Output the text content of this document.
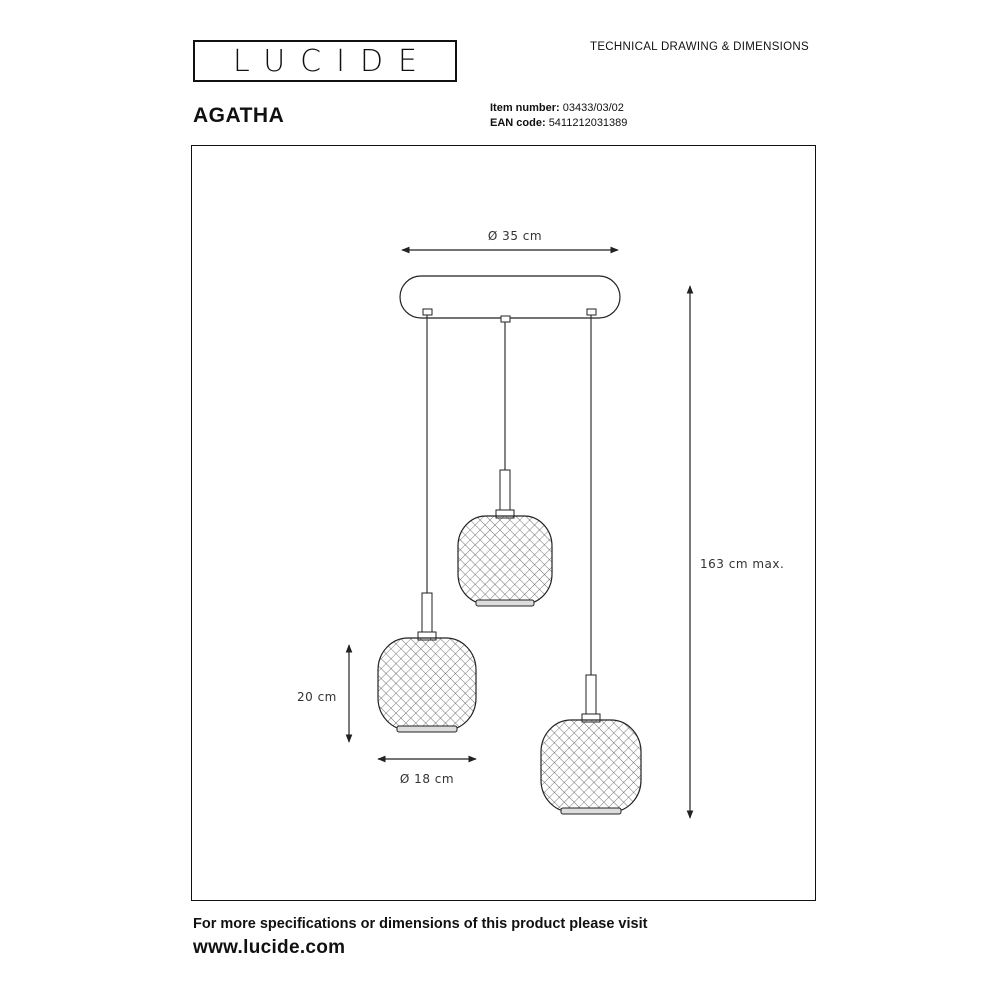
LUCIDE	TECHNICAL DRAWING & DIMENSIONS
AGATHA	Item number: 03433/03/02
EAN code: 5411212031389
Ø 35 cm
163 cm max.
20 cm
Ø 18 cm
For more specifications or dimensions of this product please visit
www.lucide.com
